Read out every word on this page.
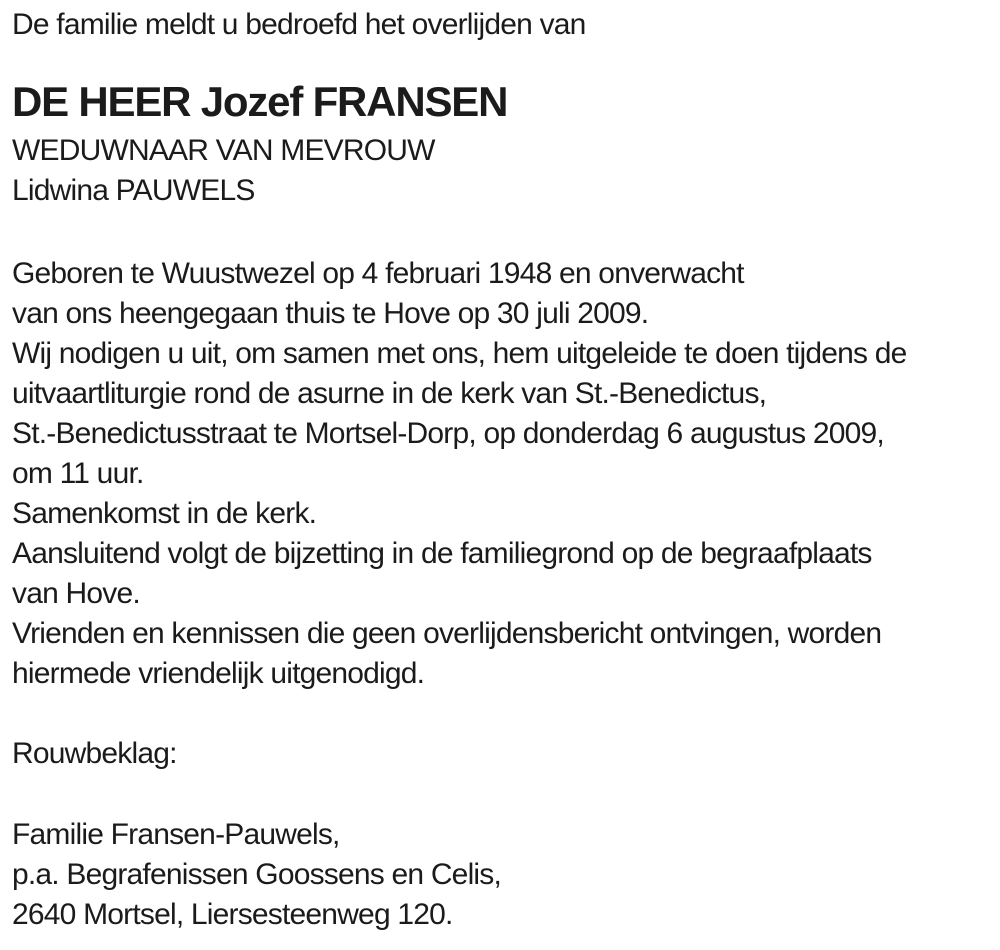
De familie meldt u bedroefd het overlijden van
DE HEER Jozef FRANSEN
WEDUWNAAR VAN MEVROUW
Lidwina PAUWELS
Geboren te Wuustwezel op 4 februari 1948 en onverwacht
van ons heengegaan thuis te Hove op 30 juli 2009.
Wij nodigen u uit, om samen met ons, hem uitgeleide te doen tijdens de
uitvaartliturgie rond de asurne in de kerk van St.-Benedictus,
St.-Benedictusstraat te Mortsel-Dorp, op donderdag 6 augustus 2009,
om 11 uur.
Samenkomst in de kerk.
Aansluitend volgt de bijzetting in de familiegrond op de begraafplaats
van Hove.
Vrienden en kennissen die geen overlijdensbericht ontvingen, worden
hiermede vriendelijk uitgenodigd.
Rouwbeklag:
Familie Fransen-Pauwels,
p.a. Begrafenissen Goossens en Celis,
2640 Mortsel, Liersesteenweg 120.
